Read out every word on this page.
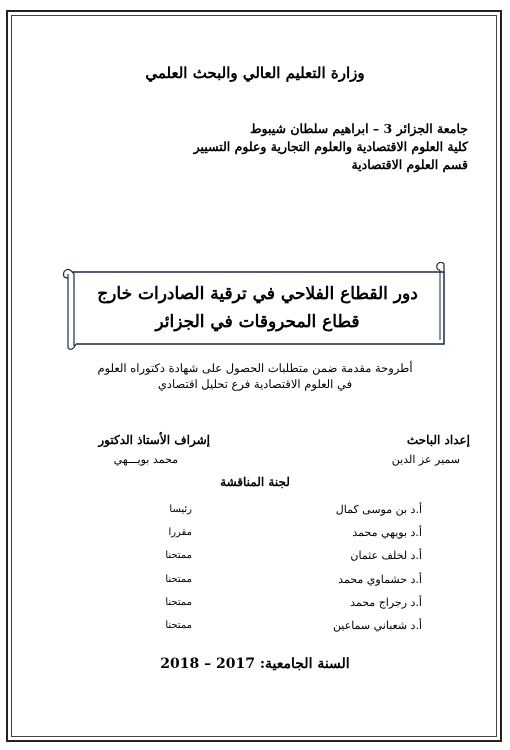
وزارة التعليم العالي والبحث العلمي
جامعة الجزائر 3 – ابراهيم سلطان شيبوط
كلية العلوم الاقتصادية والعلوم التجارية وعلوم التسيير
قسم العلوم الاقتصادية
دور القطاع الفلاحي في ترقية الصادرات خارج
قطاع المحروقات في الجزائر
أطروحة مقدمة ضمن متطلبات الحصول على شهادة دكتوراه العلوم
في العلوم الاقتصادية فرع تحليل اقتصادي
إعداد الباحث
سمير عز الدين
إشراف الأستاذ الدكتور
محمد بويـــهي
لجنة المناقشة
أ.د بن موسى كمال
رئيسا
أ.د بويهي محمد
مقررا
أ.د لخلف عثمان
ممتحنا
أ.د حشماوي محمد
ممتحنا
أ.د رجراج محمد
ممتحنا
أ.د شعباني سماعين
ممتحنا
السنة الجامعية: 2017 – 2018
